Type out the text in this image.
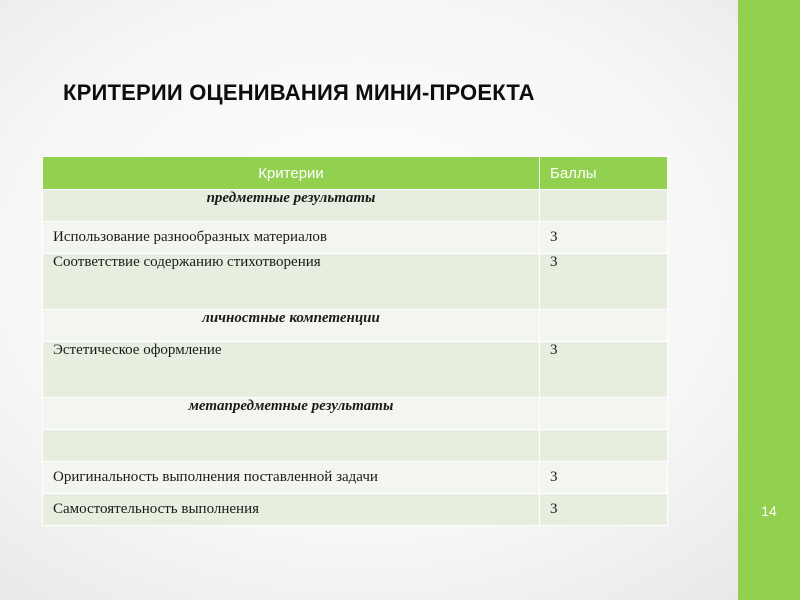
14
КРИТЕРИИ ОЦЕНИВАНИЯ МИНИ-ПРОЕКТА
Критерии	Баллы
предметные результаты	
Использование разнообразных материалов	3
Соответствие содержанию стихотворения	3
личностные компетенции	
Эстетическое оформление	3
метапредметные результаты	

Оригинальность выполнения поставленной задачи	3
Самостоятельность выполнения	3
